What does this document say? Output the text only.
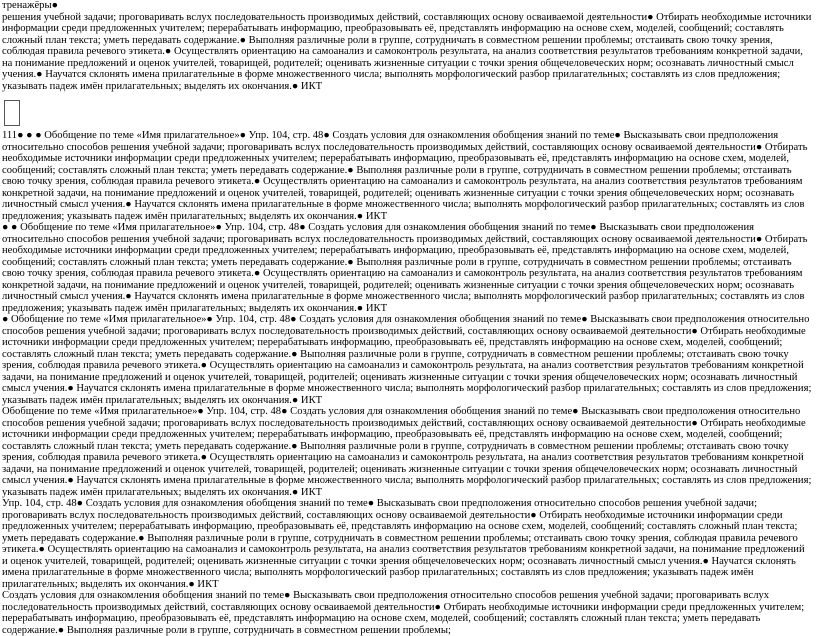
тренажёры●

решения учебной задачи; проговаривать вслух последовательность производимых действий, составляющих основу осваиваемой деятельности● Отбирать необходимые источники информации среди предложенных учителем; перерабатывать информацию, преобразовывать её, представлять информацию на основе схем, моделей, сообщений; составлять сложный план текста; уметь передавать содержание.● Выполняя различные роли в группе, сотрудничать в совместном решении проблемы; отстаивать свою точку зрения, соблюдая правила речевого этикета.● Осуществлять ориентацию на самоанализ и самоконтроль результата, на анализ соответствия результатов требованиям конкретной задачи, на понимание предложений и оценок учителей, товарищей, родителей; оценивать жизненные ситуации с точки зрения общечеловеческих норм; осознавать личностный смысл учения.● Научатся склонять имена прилагательные в форме множественного числа; выполнять морфологический разбор прилагательных; составлять из слов предложения; указывать падеж имён прилагательных; выделять их окончания.● ИКТ

111● ● ● Обобщение по теме «Имя прилагательное»● Упр. 104, стр. 48● Создать условия для ознакомления обобщения знаний по теме● Высказывать свои предположения относительно способов решения учебной задачи; проговаривать вслух последовательность производимых действий, составляющих основу осваиваемой деятельности● Отбирать необходимые источники информации среди предложенных учителем; перерабатывать информацию, преобразовывать её, представлять информацию на основе схем, моделей, сообщений; составлять сложный план текста; уметь передавать содержание.● Выполняя различные роли в группе, сотрудничать в совместном решении проблемы; отстаивать свою точку зрения, соблюдая правила речевого этикета.● Осуществлять ориентацию на самоанализ и самоконтроль результата, на анализ соответствия результатов требованиям конкретной задачи, на понимание предложений и оценок учителей, товарищей, родителей; оценивать жизненные ситуации с точки зрения общечеловеческих норм; осознавать личностный смысл учения.● Научатся склонять имена прилагательные в форме множественного числа; выполнять морфологический разбор прилагательных; составлять из слов предложения; указывать падеж имён прилагательных; выделять их окончания.● ИКТ

● ● Обобщение по теме «Имя прилагательное»● Упр. 104, стр. 48● Создать условия для ознакомления обобщения знаний по теме● Высказывать свои предположения относительно способов решения учебной задачи; проговаривать вслух последовательность производимых действий, составляющих основу осваиваемой деятельности● Отбирать необходимые источники информации среди предложенных учителем; перерабатывать информацию, преобразовывать её, представлять информацию на основе схем, моделей, сообщений; составлять сложный план текста; уметь передавать содержание.● Выполняя различные роли в группе, сотрудничать в совместном решении проблемы; отстаивать свою точку зрения, соблюдая правила речевого этикета.● Осуществлять ориентацию на самоанализ и самоконтроль результата, на анализ соответствия результатов требованиям конкретной задачи, на понимание предложений и оценок учителей, товарищей, родителей; оценивать жизненные ситуации с точки зрения общечеловеческих норм; осознавать личностный смысл учения.● Научатся склонять имена прилагательные в форме множественного числа; выполнять морфологический разбор прилагательных; составлять из слов предложения; указывать падеж имён прилагательных; выделять их окончания.● ИКТ

● Обобщение по теме «Имя прилагательное»● Упр. 104, стр. 48● Создать условия для ознакомления обобщения знаний по теме● Высказывать свои предположения относительно способов решения учебной задачи; проговаривать вслух последовательность производимых действий, составляющих основу осваиваемой деятельности● Отбирать необходимые источники информации среди предложенных учителем; перерабатывать информацию, преобразовывать её, представлять информацию на основе схем, моделей, сообщений; составлять сложный план текста; уметь передавать содержание.● Выполняя различные роли в группе, сотрудничать в совместном решении проблемы; отстаивать свою точку зрения, соблюдая правила речевого этикета.● Осуществлять ориентацию на самоанализ и самоконтроль результата, на анализ соответствия результатов требованиям конкретной задачи, на понимание предложений и оценок учителей, товарищей, родителей; оценивать жизненные ситуации с точки зрения общечеловеческих норм; осознавать личностный смысл учения.● Научатся склонять имена прилагательные в форме множественного числа; выполнять морфологический разбор прилагательных; составлять из слов предложения; указывать падеж имён прилагательных; выделять их окончания.● ИКТ

Обобщение по теме «Имя прилагательное»● Упр. 104, стр. 48● Создать условия для ознакомления обобщения знаний по теме● Высказывать свои предположения относительно способов решения учебной задачи; проговаривать вслух последовательность производимых действий, составляющих основу осваиваемой деятельности● Отбирать необходимые источники информации среди предложенных учителем; перерабатывать информацию, преобразовывать её, представлять информацию на основе схем, моделей, сообщений; составлять сложный план текста; уметь передавать содержание.● Выполняя различные роли в группе, сотрудничать в совместном решении проблемы; отстаивать свою точку зрения, соблюдая правила речевого этикета.● Осуществлять ориентацию на самоанализ и самоконтроль результата, на анализ соответствия результатов требованиям конкретной задачи, на понимание предложений и оценок учителей, товарищей, родителей; оценивать жизненные ситуации с точки зрения общечеловеческих норм; осознавать личностный смысл учения.● Научатся склонять имена прилагательные в форме множественного числа; выполнять морфологический разбор прилагательных; составлять из слов предложения; указывать падеж имён прилагательных; выделять их окончания.● ИКТ

Упр. 104, стр. 48● Создать условия для ознакомления обобщения знаний по теме● Высказывать свои предположения относительно способов решения учебной задачи; проговаривать вслух последовательность производимых действий, составляющих основу осваиваемой деятельности● Отбирать необходимые источники информации среди предложенных учителем; перерабатывать информацию, преобразовывать её, представлять информацию на основе схем, моделей, сообщений; составлять сложный план текста; уметь передавать содержание.● Выполняя различные роли в группе, сотрудничать в совместном решении проблемы; отстаивать свою точку зрения, соблюдая правила речевого этикета.● Осуществлять ориентацию на самоанализ и самоконтроль результата, на анализ соответствия результатов требованиям конкретной задачи, на понимание предложений и оценок учителей, товарищей, родителей; оценивать жизненные ситуации с точки зрения общечеловеческих норм; осознавать личностный смысл учения.● Научатся склонять имена прилагательные в форме множественного числа; выполнять морфологический разбор прилагательных; составлять из слов предложения; указывать падеж имён прилагательных; выделять их окончания.● ИКТ

Создать условия для ознакомления обобщения знаний по теме● Высказывать свои предположения относительно способов решения учебной задачи; проговаривать вслух последовательность производимых действий, составляющих основу осваиваемой деятельности● Отбирать необходимые источники информации среди предложенных учителем; перерабатывать информацию, преобразовывать её, представлять информацию на основе схем, моделей, сообщений; составлять сложный план текста; уметь передавать содержание.● Выполняя различные роли в группе, сотрудничать в совместном решении проблемы;
